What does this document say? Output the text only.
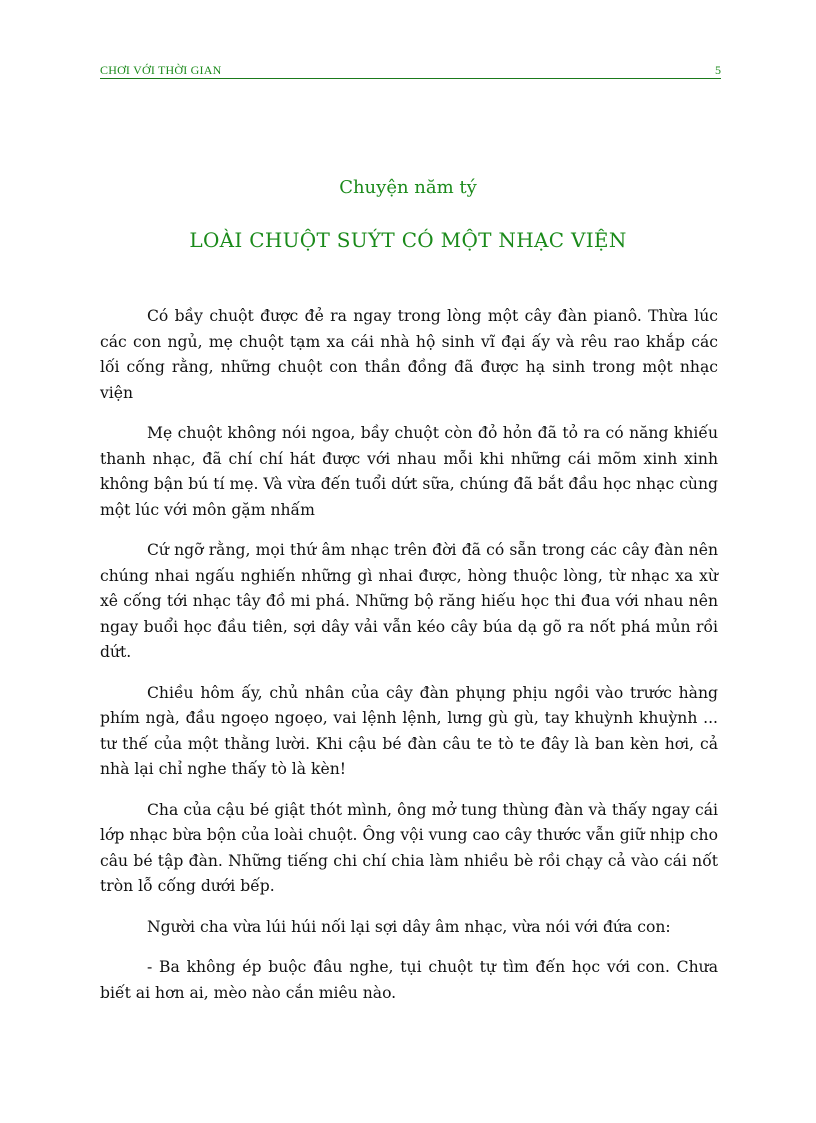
CHƠI VỚI THỜI GIAN	5
Chuyện năm tý
LOÀI CHUỘT SUÝT CÓ MỘT NHẠC VIỆN

Có bầy chuột được đẻ ra ngay trong lòng một cây đàn pianô. Thừa lúc các con ngủ, mẹ chuột tạm xa cái nhà hộ sinh vĩ đại ấy và rêu rao khắp các lối cống rằng, những chuột con thần đồng đã được hạ sinh trong một nhạc viện

Mẹ chuột không nói ngoa, bầy chuột còn đỏ hỏn đã tỏ ra có năng khiếu thanh nhạc, đã chí chí hát được với nhau mỗi khi những cái mõm xinh xinh không bận bú tí mẹ. Và vừa đến tuổi dứt sữa, chúng đã bắt đầu học nhạc cùng một lúc với môn gặm nhấm

Cứ ngỡ rằng, mọi thứ âm nhạc trên đời đã có sẵn trong các cây đàn nên chúng nhai ngấu nghiến những gì nhai được, hòng thuộc lòng, từ nhạc xa xừ xê cống tới nhạc tây đồ mi phá. Những bộ răng hiếu học thi đua với nhau nên ngay buổi học đầu tiên, sợi dây vải vẫn kéo cây búa dạ gõ ra nốt phá mủn rồi dứt.

Chiều hôm ấy, chủ nhân của cây đàn phụng phịu ngồi vào trước hàng phím ngà, đầu ngoẹo ngoẹo, vai lệnh lệnh, lưng gù gù, tay khuỳnh khuỳnh ... tư thế của một thằng lười. Khi cậu bé đàn câu te tò te đây là ban kèn hơi, cả nhà lại chỉ nghe thấy tò là kèn!

Cha của cậu bé giật thót mình, ông mở tung thùng đàn và thấy ngay cái lớp nhạc bừa bộn của loài chuột. Ông vội vung cao cây thước vẫn giữ nhịp cho câu bé tập đàn. Những tiếng chi chí chia làm nhiều bè rồi chạy cả vào cái nốt tròn lỗ cống dưới bếp.

Người cha vừa lúi húi nối lại sợi dây âm nhạc, vừa nói với đứa con:

- Ba không ép buộc đâu nghe, tụi chuột tự tìm đến học với con. Chưa biết ai hơn ai, mèo nào cắn miêu nào.
